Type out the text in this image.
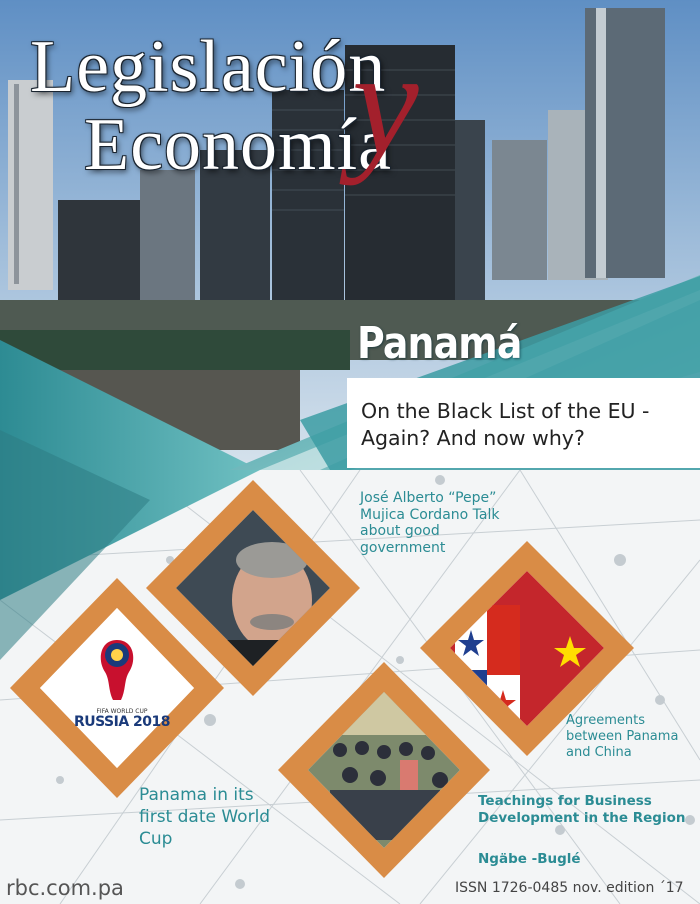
Legislación
Economía
y
Panamá
On the Black List of the EU - Again? And now why?
José Alberto “Pepe” Mujica Cordano Talk about good government
Agreements between Panama and China
Panama in its first date World Cup
Teachings for Business Development in the Region
Ngäbe -Buglé
FIFA WORLD CUP
RUSSIA 2018
rbc.com.pa	ISSN 1726-0485 nov. edition ´17
